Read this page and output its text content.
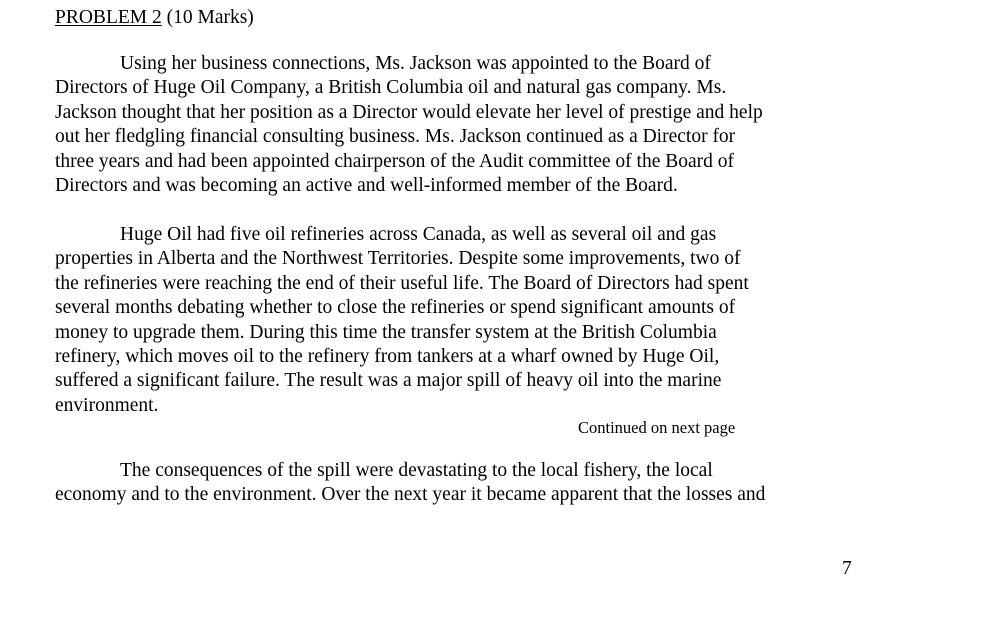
PROBLEM 2 (10 Marks)
Using her business connections, Ms. Jackson was appointed to the Board of
Directors of Huge Oil Company, a British Columbia oil and natural gas company. Ms.
Jackson thought that her position as a Director would elevate her level of prestige and help
out her fledgling financial consulting business. Ms. Jackson continued as a Director for
three years and had been appointed chairperson of the Audit committee of the Board of
Directors and was becoming an active and well-informed member of the Board.
Huge Oil had five oil refineries across Canada, as well as several oil and gas
properties in Alberta and the Northwest Territories. Despite some improvements, two of
the refineries were reaching the end of their useful life. The Board of Directors had spent
several months debating whether to close the refineries or spend significant amounts of
money to upgrade them. During this time the transfer system at the British Columbia
refinery, which moves oil to the refinery from tankers at a wharf owned by Huge Oil,
suffered a significant failure. The result was a major spill of heavy oil into the marine
environment.
Continued on next page
The consequences of the spill were devastating to the local fishery, the local
economy and to the environment. Over the next year it became apparent that the losses and
7
